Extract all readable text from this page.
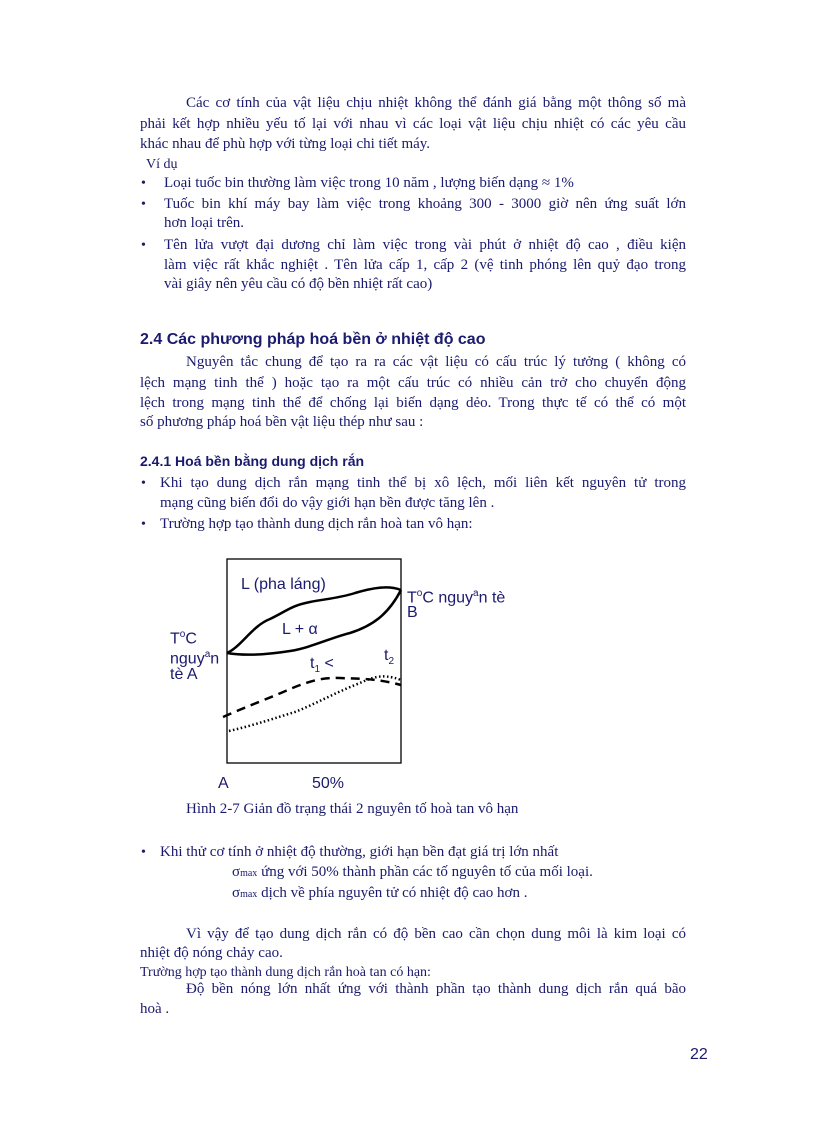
Các cơ tính của vật liệu chịu nhiệt không thể đánh giá bằng một thông số mà
phải kết hợp nhiều yếu tố lại với nhau vì các loại vật liệu chịu nhiệt có các yêu cầu
khác nhau để phù hợp với từng loại chi tiết máy.
Ví dụ
• Loại tuốc bin thường làm việc trong 10 năm , lượng biến dạng ≈ 1%
• Tuốc bin khí máy bay làm việc trong khoảng 300 - 3000 giờ nên ứng suất lớn
hơn loại trên.
• Tên lửa vượt đại dương chỉ làm việc trong vài phút ở nhiệt độ cao , điều kiện
làm việc rất khắc nghiệt . Tên lửa cấp 1, cấp 2 (vệ tinh phóng lên quỷ đạo trong
vài giây nên yêu cầu có độ bền nhiệt rất cao)
2.4 Các phương pháp hoá bền ở nhiệt độ cao
Nguyên tắc chung để tạo ra ra các vật liệu có cấu trúc lý tưởng ( không có
lệch mạng tinh thể ) hoặc tạo ra một cấu trúc có nhiều cản trở cho chuyển động
lệch trong mạng tinh thể để chống lại biến dạng dẻo. Trong thực tế có thể có một
số phương pháp hoá bền vật liệu thép như sau :
2.4.1 Hoá bền bằng dung dịch rắn
• Khi tạo dung dịch rắn mạng tinh thể bị xô lệch, mối liên kết nguyên tử trong
mạng cũng biến đổi do vậy giới hạn bền được tăng lên .
• Trường hợp tạo thành dung dịch rắn hoà tan vô hạn:
L (pha láng)
L + α
$T^oC$
nguy$^a$n
tè A
$T^oC$ nguy$^a$n tè
B
$t_1$ <	$t_2$
A	50%
Hình 2-7 Giản đồ trạng thái 2 nguyên tố hoà tan vô hạn
• Khi thử cơ tính ở nhiệt độ thường, giới hạn bền đạt giá trị lớn nhất
σmax ứng với 50% thành phần các tố nguyên tố của mối loại.
σmax dịch về phía nguyên tử có nhiệt độ cao hơn .
Vì vậy để tạo dung dịch rắn có độ bền cao cần chọn dung môi là kim loại có
nhiệt độ nóng chảy cao.
Trường hợp tạo thành dung dịch rắn hoà tan có hạn:
Độ bền nóng lớn nhất ứng với thành phần tạo thành dung dịch rắn quá bão
hoà .
22
